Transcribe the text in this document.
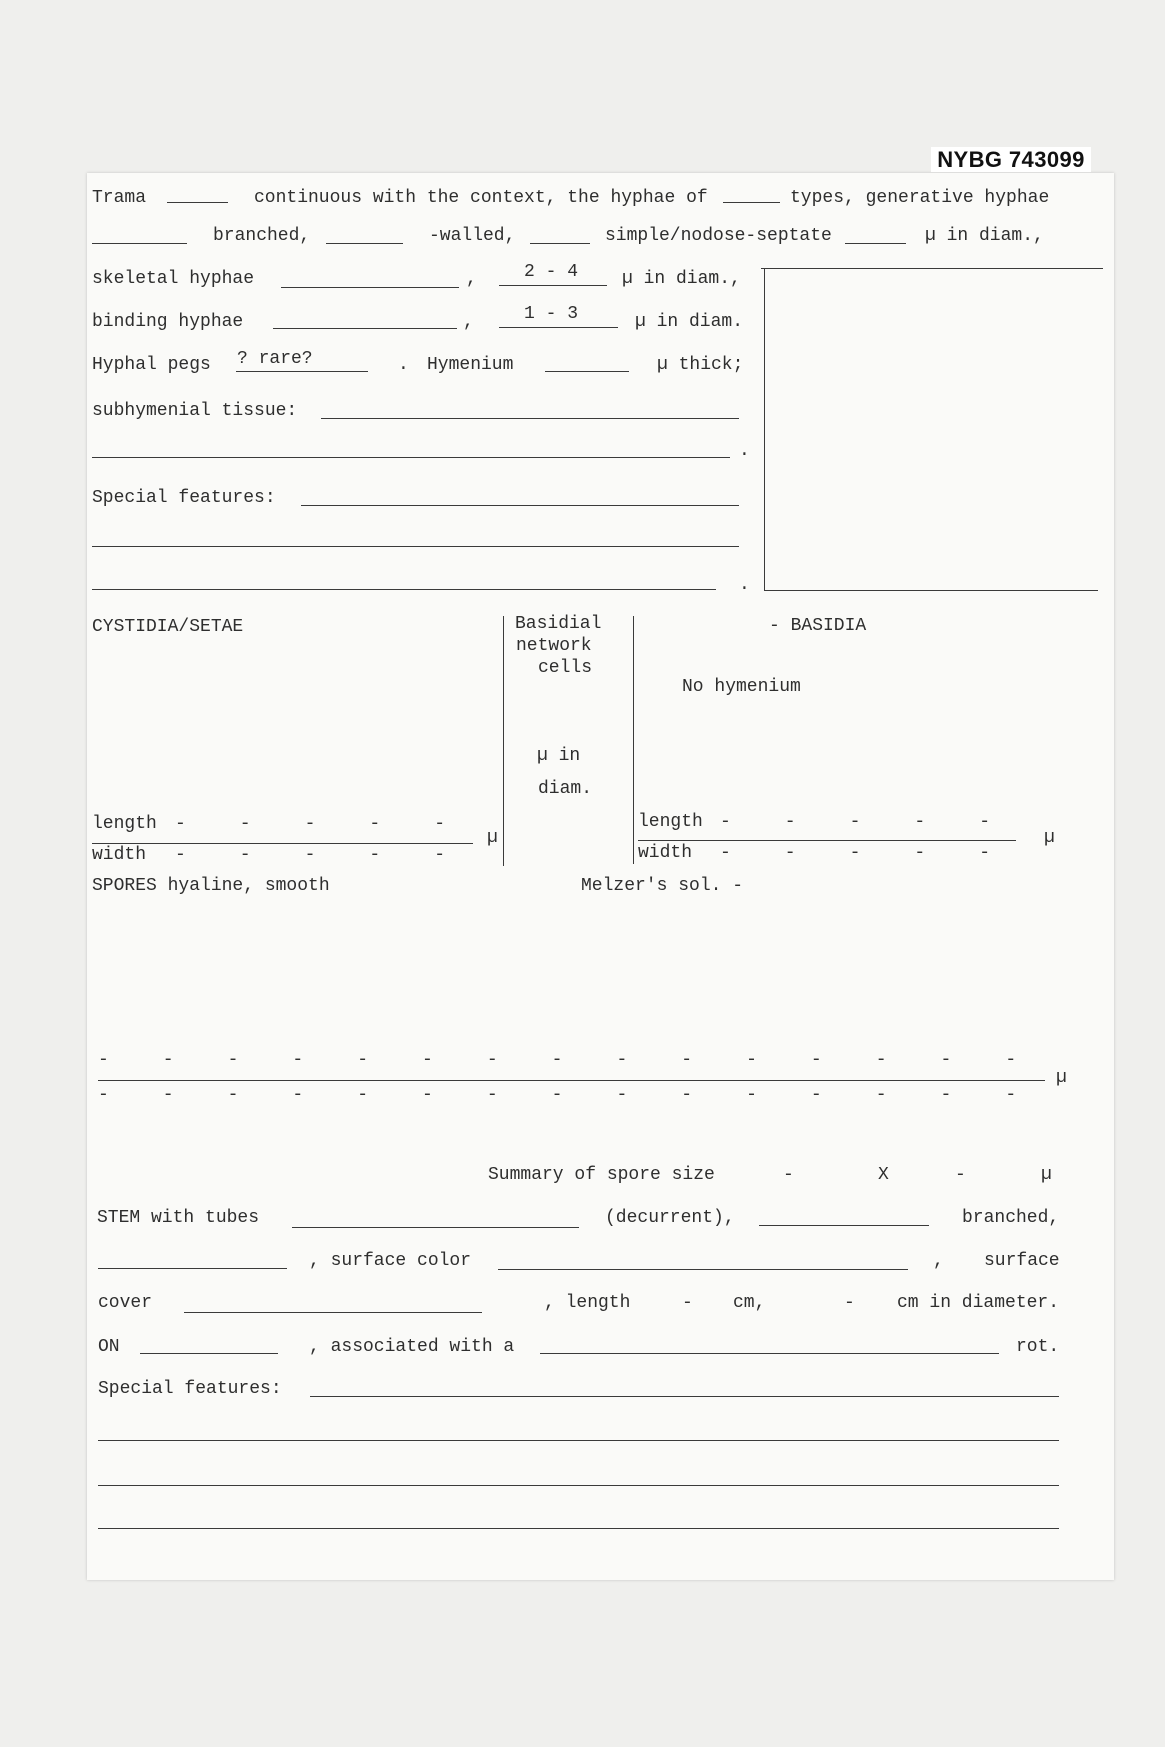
NYBG 743099
Trama	continuous with the context, the hyphae of	types, generative hyphae
branched,	-walled,	simple/nodose-septate	µ in diam.,
skeletal hyphae	,	2 - 4 µ in diam.,
binding hyphae	,	1 - 3	µ in diam.
Hyphal pegs ? rare?	. Hymenium	µ thick;
subhymenial tissue:
.
Special features:
.
CYSTIDIA/SETAE	Basidial
network
cells
- BASIDIA
No hymenium
µ in
diam.
length -     -     -     -     -
µ
width -     -     -     -     -
length -     -     -     -     -
µ
width -     -     -     -     -
SPORES hyaline, smooth	Melzer's sol. -
-     -     -     -     -     -     -     -     -     -     -     -     -     -     -
µ
-     -     -     -     -     -     -     -     -     -     -     -     -     -     -
Summary of spore size	-	X	-	µ
STEM with tubes	(decurrent),	branched,
, surface color	, surface
cover	, length	- cm,	- cm in diameter.
ON	, associated with a	rot.
Special features:
